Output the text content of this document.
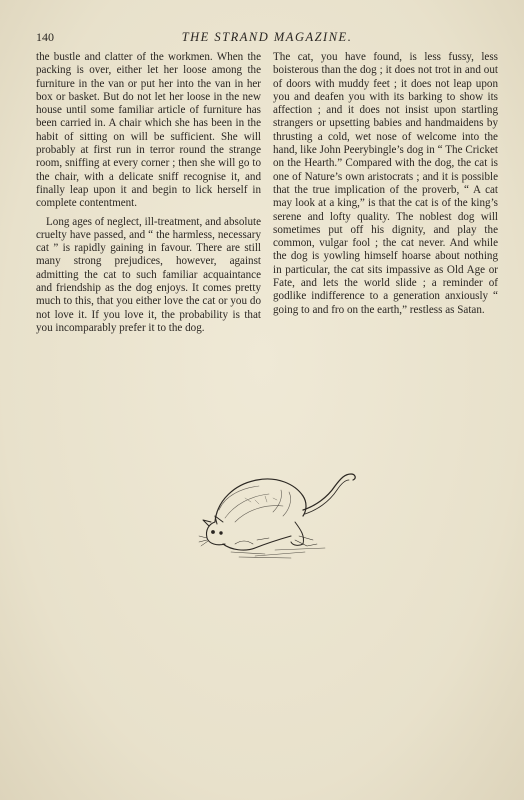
140	THE STRAND MAGAZINE.

the bustle and clatter of the workmen. When the packing is over, either let her loose among the furniture in the van or put her into the van in her box or basket. But do not let her loose in the new house until some familiar article of furniture has been carried in. A chair which she has been in the habit of sitting on will be sufficient. She will probably at first run in terror round the strange room, sniffing at every corner ; then she will go to the chair, with a delicate sniff recognise it, and finally leap upon it and begin to lick herself in complete contentment.

Long ages of neglect, ill-treatment, and absolute cruelty have passed, and “ the harmless, necessary cat ” is rapidly gaining in favour. There are still many strong prejudices, however, against admitting the cat to such familiar acquaintance and friendship as the dog enjoys. It comes pretty much to this, that you either love the cat or you do not love it. If you love it, the probability is that you incomparably prefer it to the dog.

The cat, you have found, is less fussy, less boisterous than the dog ; it does not trot in and out of doors with muddy feet ; it does not leap upon you and deafen you with its barking to show its affection ; and it does not insist upon startling strangers or upsetting babies and handmaidens by thrusting a cold, wet nose of welcome into the hand, like John Peerybingle’s dog in “ The Cricket on the Hearth.” Compared with the dog, the cat is one of Nature’s own aristocrats ; and it is possible that the true implication of the proverb, “ A cat may look at a king,” is that the cat is of the king’s serene and lofty quality. The noblest dog will sometimes put off his dignity, and play the common, vulgar fool ; the cat never. And while the dog is yowling himself hoarse about nothing in particular, the cat sits impassive as Old Age or Fate, and lets the world slide ; a reminder of godlike indifference to a generation anxiously “ going to and fro on the earth,” restless as Satan.
